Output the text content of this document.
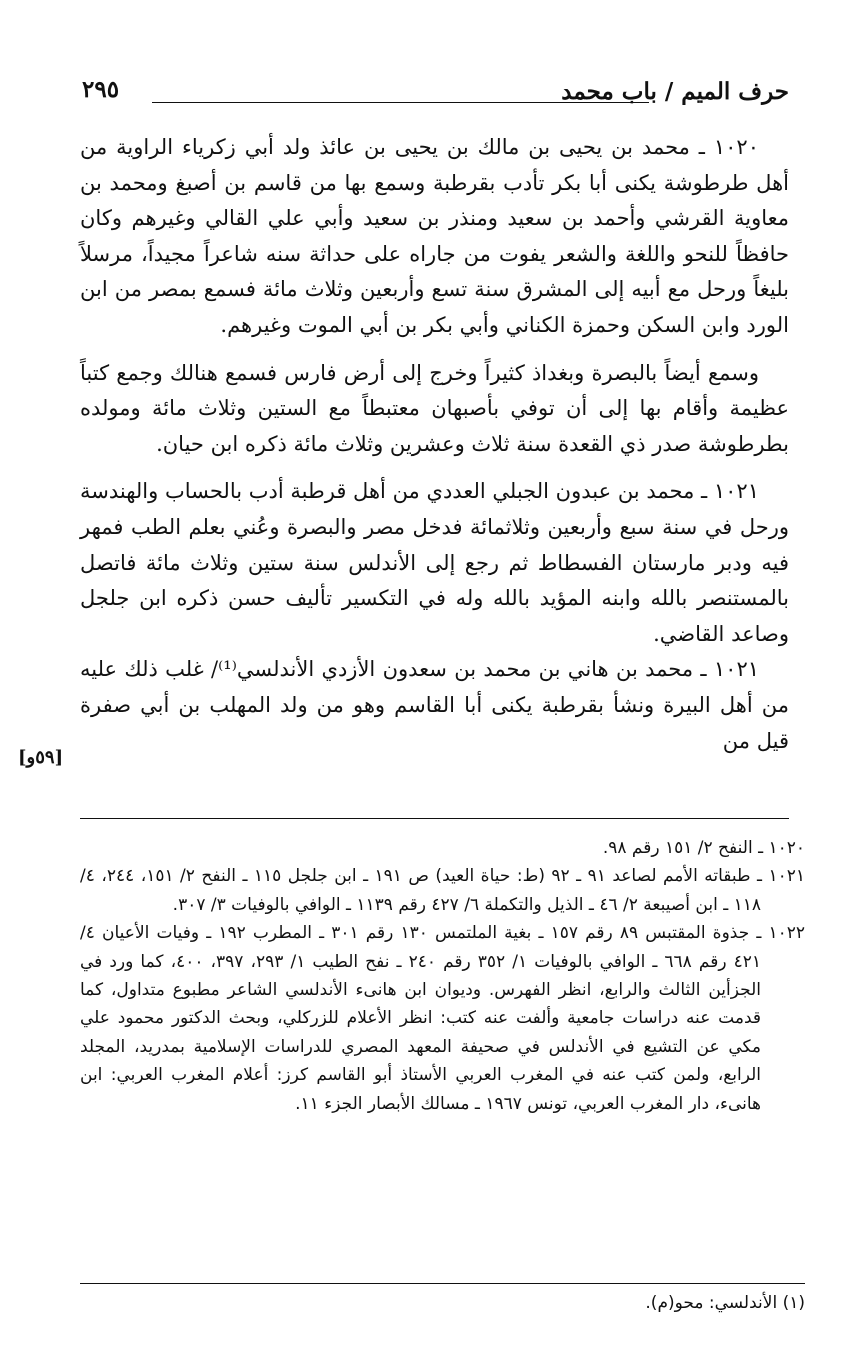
حرف الميم / باب محمد
٢٩٥

١٠٢٠ ـ محمد بن يحيى بن مالك بن يحيى بن عائذ ولد أبي زكرياء الراوية من أهل طرطوشة يكنى أبا بكر تأدب بقرطبة وسمع بها من قاسم بن أصبغ ومحمد بن معاوية القرشي وأحمد بن سعيد ومنذر بن سعيد وأبي علي القالي وغيرهم وكان حافظاً للنحو واللغة والشعر يفوت من جاراه على حداثة سنه شاعراً مجيداً، مرسلاً بليغاً ورحل مع أبيه إلى المشرق سنة تسع وأربعين وثلاث مائة فسمع بمصر من ابن الورد وابن السكن وحمزة الكناني وأبي بكر بن أبي الموت وغيرهم.

وسمع أيضاً بالبصرة وبغداذ كثيراً وخرج إلى أرض فارس فسمع هنالك وجمع كتباً عظيمة وأقام بها إلى أن توفي بأصبهان معتبطاً مع الستين وثلاث مائة ومولده بطرطوشة صدر ذي القعدة سنة ثلاث وعشرين وثلاث مائة ذكره ابن حيان.

١٠٢١ ـ محمد بن عبدون الجبلي العددي من أهل قرطبة أدب بالحساب والهندسة ورحل في سنة سبع وأربعين وثلاثمائة فدخل مصر والبصرة وعُني بعلم الطب فمهر فيه ودبر مارستان الفسطاط ثم رجع إلى الأندلس سنة ستين وثلاث مائة فاتصل بالمستنصر بالله وابنه المؤيد بالله وله في التكسير تأليف حسن ذكره ابن جلجل وصاعد القاضي.

١٠٢١ ـ محمد بن هاني بن محمد بن سعدون الأزدي الأندلسي⁽¹⁾/ غلب ذلك عليه من أهل البيرة ونشأ بقرطبة يكنى أبا القاسم وهو من ولد المهلب بن أبي صفرة قيل من

[٥٩و]

١٠٢٠ ـ النفح ٢/ ١٥١ رقم ٩٨.

١٠٢١ ـ طبقاته الأمم لصاعد ٩١ ـ ٩٢ (ط: حياة العيد) ص ١٩١ ـ ابن جلجل ١١٥ ـ النفح ٢/ ١٥١، ٢٤٤، ٤/ ١١٨ ـ ابن أصيبعة ٢/ ٤٦ ـ الذيل والتكملة ٦/ ٤٢٧ رقم ١١٣٩ ـ الوافي بالوفيات ٣/ ٣٠٧.

١٠٢٢ ـ جذوة المقتبس ٨٩ رقم ١٥٧ ـ بغية الملتمس ١٣٠ رقم ٣٠١ ـ المطرب ١٩٢ ـ وفيات الأعيان ٤/ ٤٢١ رقم ٦٦٨ ـ الوافي بالوفيات ١/ ٣٥٢ رقم ٢٤٠ ـ نفح الطيب ١/ ٢٩٣، ٣٩٧، ٤٠٠، كما ورد في الجزأين الثالث والرابع، انظر الفهرس. وديوان ابن هانىء الأندلسي الشاعر مطبوع متداول، كما قدمت عنه دراسات جامعية وألفت عنه كتب: انظر الأعلام للزركلي، وبحث الدكتور محمود علي مكي عن التشيع في الأندلس في صحيفة المعهد المصري للدراسات الإسلامية بمدريد، المجلد الرابع، ولمن كتب عنه في المغرب العربي الأستاذ أبو القاسم كرز: أعلام المغرب العربي: ابن هانىء، دار المغرب العربي، تونس ١٩٦٧ ـ مسالك الأبصار الجزء ١١.

(١) الأندلسي: محو(م).
